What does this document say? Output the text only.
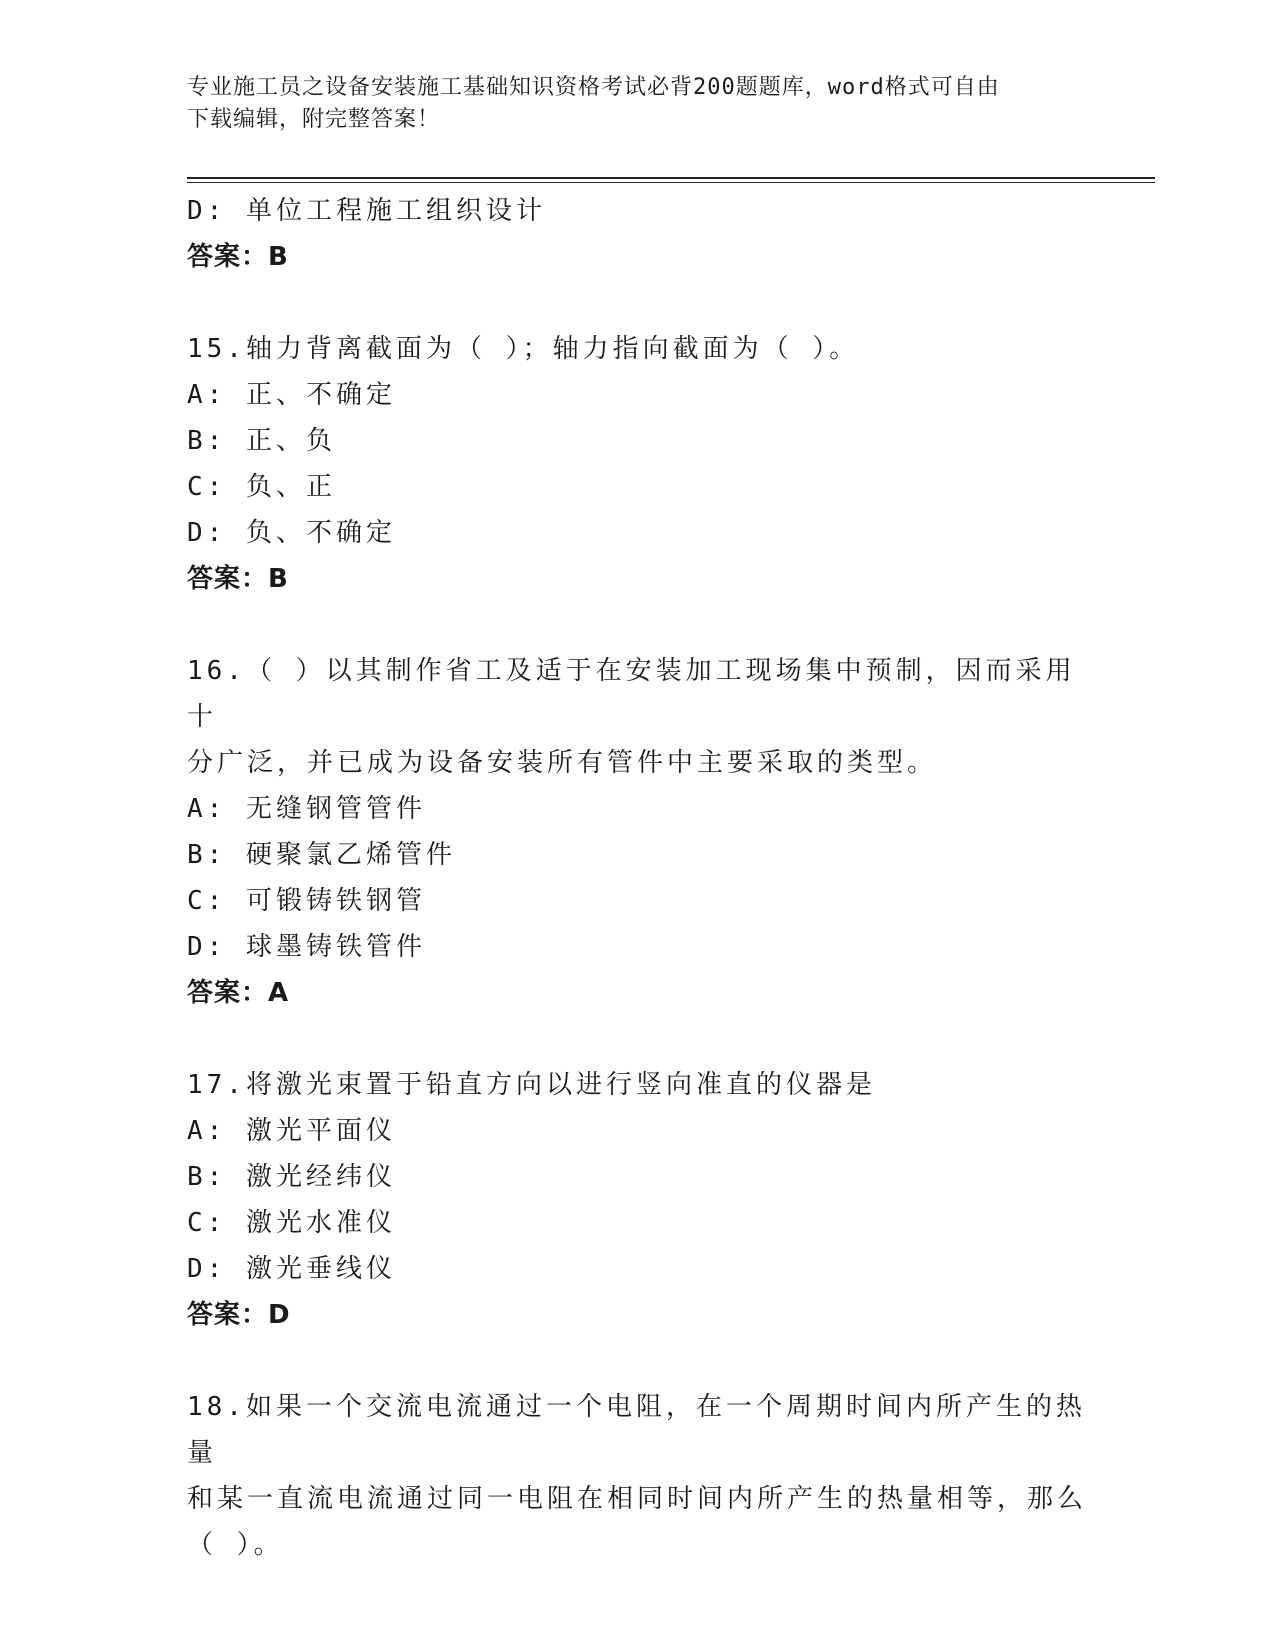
专业施工员之设备安装施工基础知识资格考试必背200题题库，word格式可自由
下载编辑，附完整答案！
D: 单位工程施工组织设计
答案：B
15.轴力背离截面为（ ）；轴力指向截面为（ ）。
A: 正、不确定
B: 正、负
C: 负、正
D: 负、不确定
答案：B
16.（ ）以其制作省工及适于在安装加工现场集中预制，因而采用十
分广泛，并已成为设备安装所有管件中主要采取的类型。
A: 无缝钢管管件
B: 硬聚氯乙烯管件
C: 可锻铸铁钢管
D: 球墨铸铁管件
答案：A
17.将激光束置于铅直方向以进行竖向准直的仪器是
A: 激光平面仪
B: 激光经纬仪
C: 激光水准仪
D: 激光垂线仪
答案：D
18.如果一个交流电流通过一个电阻，在一个周期时间内所产生的热量
和某一直流电流通过同一电阻在相同时间内所产生的热量相等，那么
（ ）。
